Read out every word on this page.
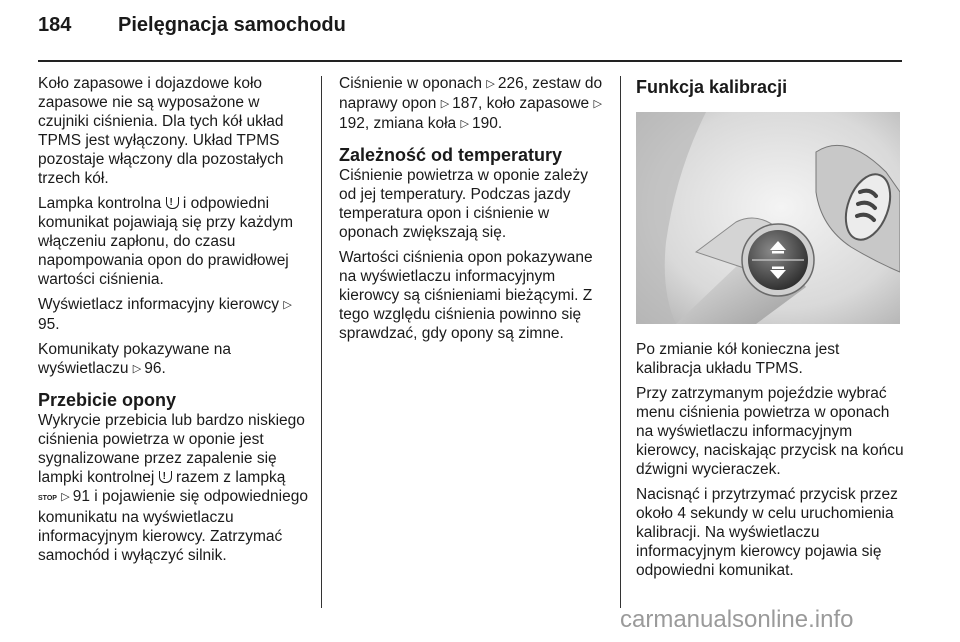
184 Pielęgnacja samochodu

Koło zapasowe i dojazdowe koło zapasowe nie są wyposażone w czujniki ciśnienia. Dla tych kół układ TPMS jest wyłączony. Układ TPMS pozostaje włączony dla pozostałych trzech kół.

Lampka kontrolna ! i odpowiedni komunikat pojawiają się przy każdym włączeniu zapłonu, do czasu napompowania opon do prawidłowej wartości ciśnienia.

Wyświetlacz informacyjny kierowcy ▷95.

Komunikaty pokazywane na wyświetlaczu ▷ 96.

Przebicie opony

Wykrycie przebicia lub bardzo niskiego ciśnienia powietrza w oponie jest sygnalizowane przez zapalenie się lampki kontrolnej ! razem z lampką STOP ▷ 91 i pojawienie się odpowiedniego komunikatu na wyświetlaczu informacyjnym kierowcy. Zatrzymać samochód i wyłączyć silnik.

Ciśnienie w oponach ▷ 226, zestaw do naprawy opon ▷ 187, koło zapasowe ▷192, zmiana koła ▷ 190.

Zależność od temperatury

Ciśnienie powietrza w oponie zależy od jej temperatury. Podczas jazdy temperatura opon i ciśnienie w oponach zwiększają się.

Wartości ciśnienia opon pokazywane na wyświetlaczu informacyjnym kierowcy są ciśnieniami bieżącymi. Z tego względu ciśnienia powinno się sprawdzać, gdy opony są zimne.

Funkcja kalibracji

Po zmianie kół konieczna jest kalibracja układu TPMS.

Przy zatrzymanym pojeździe wybrać menu ciśnienia powietrza w oponach na wyświetlaczu informacyjnym kierowcy, naciskając przycisk na końcu dźwigni wycieraczek.

Nacisnąć i przytrzymać przycisk przez około 4 sekundy w celu uruchomienia kalibracji. Na wyświetlaczu informacyjnym kierowcy pojawia się odpowiedni komunikat.

carmanualsonline.info
